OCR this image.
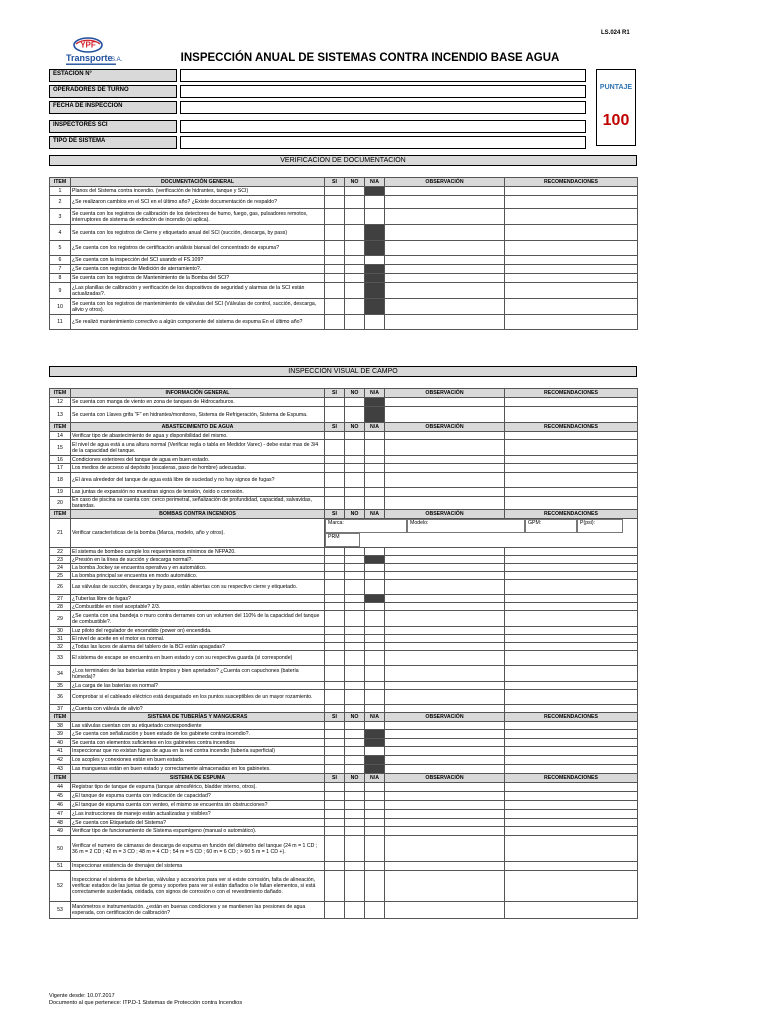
YPF
Transporte
S.A.
LS.024 R1
INSPECCIÓN ANUAL DE SISTEMAS CONTRA INCENDIO BASE AGUA
ESTACIÓN N°
OPERADORES DE TURNO
FECHA DE INSPECCIÓN
INSPECTORES SCI
TIPO DE SISTEMA
PUNTAJE
100
VERIFICACIÓN DE DOCUMENTACIÓN
ITEM	DOCUMENTACIÓN GENERAL	SI	NO	N/A	OBSERVACIÓN	RECOMENDACIONES
1	Planos del Sistema contra incendio. (verificación de hidrantes, tanque y SCI)					
2	¿Se realizaron cambios en el SCI en el último año? ¿Existe documentación de respaldo?					
3	Se cuenta con los registros de calibración de los detectores de humo, fuego, gas, pulsadores remotos, interruptores de sistema de extinción de incendio (si aplica).					
4	Se cuenta con los registros de Cierre y etiquetado anual del SCI (succión, descarga, by pass)					
5	¿Se cuenta con los registros de certificación análisis bianual del concentrado de espuma?					
6	¿Se cuenta con la inspección del SCI usando el FS.109?					
7	¿Se cuenta con registros de Medición de aterramiento?.					
8	Se cuenta con los registros de Mantenimiento de la Bomba del SCI?					
9	¿Las planillas de calibración y verificación de los dispositivos de seguridad y alarmas de la SCI están actualizadas?.					
10	Se cuenta con los registros de mantenimiento de válvulas del SCI (Válvulas de control, succión, descarga, alivio y otros).					
11	¿Se realizó mantenimiento correctivo a algún componente del sistema de espuma En el último año?					
INSPECCIÓN VISUAL DE CAMPO
ITEM	INFORMACIÓN GENERAL	SI	NO	N/A	OBSERVACIÓN	RECOMENDACIONES
12	Se cuenta con manga de viento en zona de tanques de Hidrocarburos.					
13	Se cuenta con Llaves grifa "F" en hidrantes/monitores, Sistema de Refrigeración, Sistema de Espuma.					
ITEM	ABASTECIMIENTO DE AGUA	SI	NO	N/A	OBSERVACIÓN	RECOMENDACIONES
14	Verificar tipo de abastecimiento de agua y disponibilidad del mismo.					
15	El nivel de agua está a una altura normal (Verificar regla o tabla en Medidor Varec) - debe estar mas de 3/4 de la capacidad del tanque.					
16	Condiciones exteriores del tanque de agua en buen estado.					
17	Los medios de acceso al depósito (escaleras, paso de hombre) adecuadas.					
18	¿El área alrededor del tanque de agua está libre de suciedad y no hay signos de fugas?					
19	Las juntas de expansión no muestran signos de tensión, óxido o corrosión.					
20	En caso de piscina se cuenta con: cerco perimetral, señalización de profundidad, capacidad, salvavidas, barandas.					
ITEM	BOMBAS CONTRA INCENDIOS	SI	NO	N/A	OBSERVACIÓN	RECOMENDACIONES
21	Verificar características de la bomba (Marca, modelo, año y otros).	Marca: Modelo: GPM: P(psi):PRM				
22	El sistema de bombeo cumple los requerimientos mínimos de NFPA20.					
23	¿Presión en la línea de succión y descarga normal?.					
24	La bomba Jockey se encuentra operativa y en automático.					
25	La bomba principal se encuentra en modo automático.					
26	Las válvulas de succión, descarga y by pass, están abiertas con su respectivo cierre y etiquetado.					
27	¿Tuberías libre de fugas?					
28	¿Combustible en nivel aceptable? 2/3.					
29	¿Se cuenta con una bandeja o muro contra derrames con un volumen del 110% de la capacidad del tanque de combustible?.					
30	Luz piloto del regulador de encendido (power on) encendida.					
31	El nivel de aceite en el motor es normal.					
32	¿Todas las luces de alarma del tablero de la BCI están apagadas?					
33	El sistema de escape se encuentra en buen estado y con su respectiva guarda (si corresponde)					
34	¿Los terminales de las baterías están limpios y bien apretados? ¿Cuenta con capuchones (batería húmeda)?					
35	¿La carga de las baterías es normal?					
36	Comprobar si el cableado eléctrico está desgastado en los puntos susceptibles de un mayor rozamiento.					
37	¿Cuenta con válvula de alivio?					
ITEM	SISTEMA DE TUBERÍAS Y MANGUERAS	SI	NO	N/A	OBSERVACIÓN	RECOMENDACIONES
38	Las válvulas cuentan con su etiquetado correspondiente					
39	¿Se cuenta con señalización y buen estado de los gabinete contra incendio?.					
40	Se cuenta con elementos suficientes en los gabinetes contra incendios					
41	Inspeccionar que no existan fugas de agua en la red contra incendio (tubería superficial)					
42	Los acoples y conexiones están en buen estado.					
43	Las mangueras están en buen estado y correctamente almacenadas en los gabinetes.					
ITEM	SISTEMA DE ESPUMA	SI	NO	N/A	OBSERVACIÓN	RECOMENDACIONES
44	Registrar tipo de tanque de espuma (tanque atmosférico, bladder interno, otros).					
45	¿El tanque de espuma cuenta con indicación de capacidad?					
46	¿El tanque de espuma cuenta con venteo, el mismo se encuentra sin obstrucciones?					
47	¿Las instrucciones de manejo están actualizadas y visibles?					
48	¿Se cuenta con Etiquetado del Sistema?					
49	Verificar tipo de funcionamiento de Sistema espumígeno (manual o automático).					
50	Verificar el numero de cámaras de descarga de espuma en función del diámetro del tanque (24 m = 1 CD ; 36 m = 2 CD ; 42 m = 3 CD ; 48 m = 4 CD ; 54 m = 5 CD ; 60 m = 6 CD ; > 60 5 m = 1 CD +).					
51	Inspeccionar existencia de drenajes del sistema					
52	Inspeccionar el sistema de tuberías, válvulas y accesorios para ver si existe corrosión, falta de alineación, verificar estados de las juntas de goma y soportes para ver si están dañados o le fallan elementos, si está correctamente sustentada, oxidada, con signos de corrosión o con el revestimiento dañado.					
53	Manómetros e instrumentación. ¿están en buenas condiciones y se mantienen las presiones de agua esperada, con certificación de calibración?					
Vigente desde: 10.07.2017
Documento al que pertenece: ITP.D-1 Sistemas de Protección contra Incendios
